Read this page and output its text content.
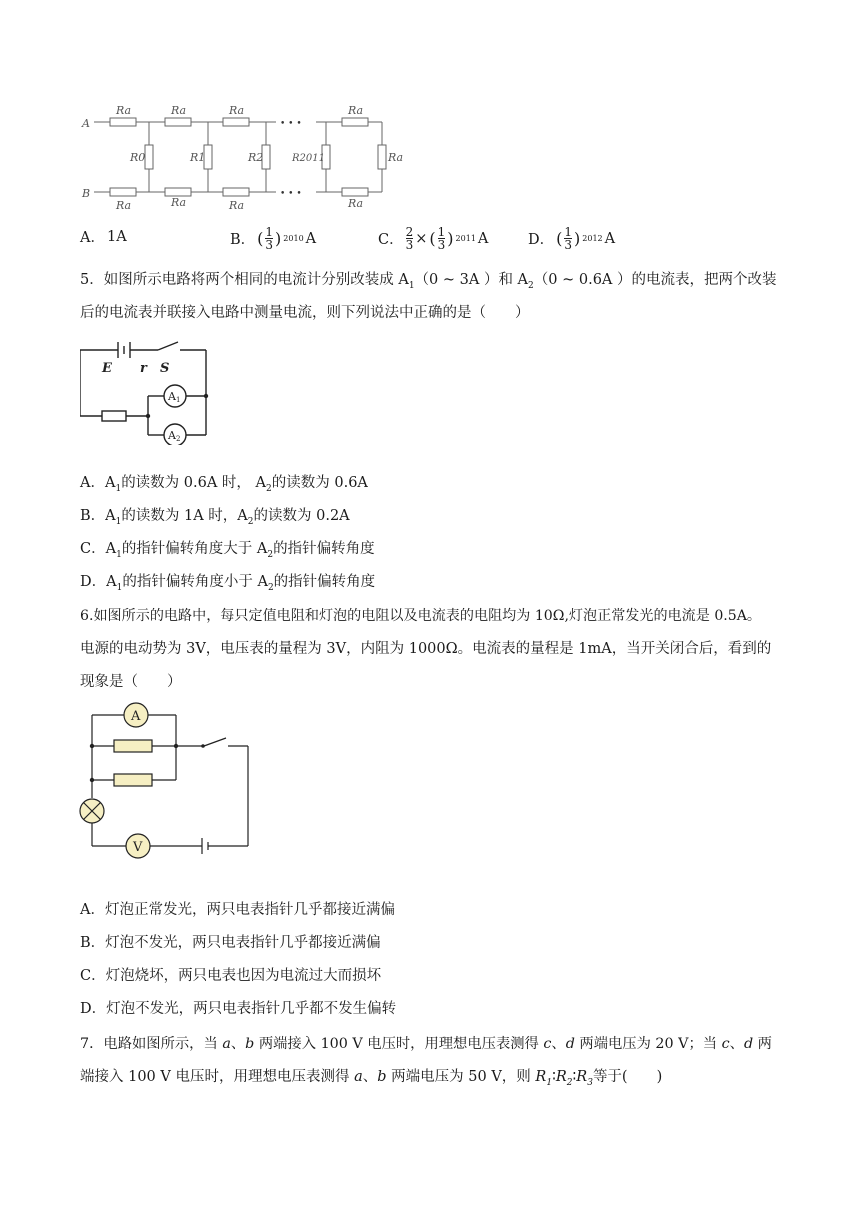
A
B
Ra	Ra	Ra	Ra
Ra	Ra	Ra	Ra
R0	R1	R2	R2011	Ra
• • •
• • •
A． 1A	B． ( $\frac{1}{3}$ ) 2010 A	C． $\frac{2}{3}$ × ( $\frac{1}{3}$ ) 2011 A	D． ( $\frac{1}{3}$ ) 2012 A
5．如图所示电路将两个相同的电流计分别改装成 $A_1(0$ ~ 3A ）和 $A_2(0$ ~ 0.6A ）的电流表，把两个改装
后的电流表并联接入电路中测量电流，则下列说法中正确的是（　　）
E r S
A1
A2
A．$A_1$的读数为 0.6A 时， $A_2$的读数为 0.6A
B．$A_1$的读数为 1A 时，$A_2$的读数为 0.2A
C．$A_1$的指针偏转角度大于 $A_2$的指针偏转角度
D．$A_1$的指针偏转角度小于 $A_2$的指针偏转角度
6.如图所示的电路中，每只定值电阻和灯泡的电阻以及电流表的电阻均为 10Ω,灯泡正常发光的电流是 0.5A。
电源的电动势为 3V，电压表的量程为 3V，内阻为 1000Ω。电流表的量程是 1mA，当开关闭合后，看到的
现象是（　　）
A
V
A．灯泡正常发光，两只电表指针几乎都接近满偏
B．灯泡不发光，两只电表指针几乎都接近满偏
C．灯泡烧坏，两只电表也因为电流过大而损坏
D．灯泡不发光，两只电表指针几乎都不发生偏转
7．电路如图所示，当 a、b 两端接入 100 V 电压时，用理想电压表测得 c、d 两端电压为 20 V；当 c、d 两
端接入 100 V 电压时，用理想电压表测得 a、b 两端电压为 50 V，则 $R_1∶R_2∶R_3$等于(　　)
